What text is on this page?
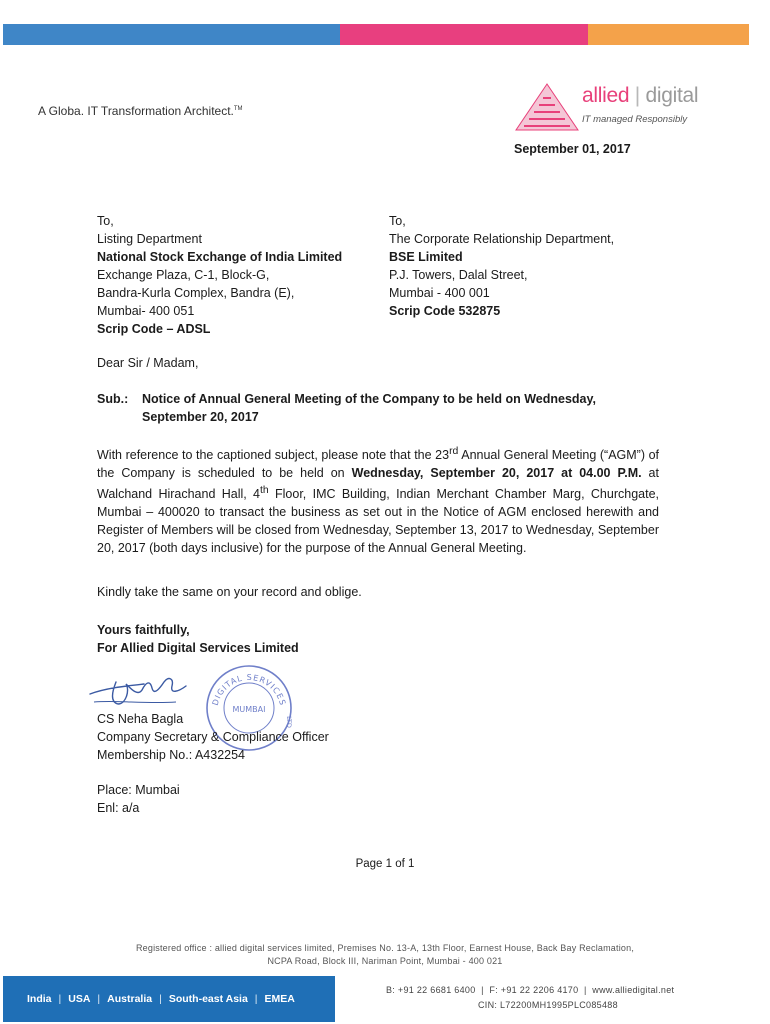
A Globa. IT Transformation Architect.™
allied | digital
IT managed Responsibly
September 01, 2017
To,
Listing Department
National Stock Exchange of India Limited
Exchange Plaza, C-1, Block-G,
Bandra-Kurla Complex, Bandra (E),
Mumbai- 400 051
Scrip Code – ADSL
To,
The Corporate Relationship Department,
BSE Limited
P.J. Towers, Dalal Street,
Mumbai - 400 001
Scrip Code 532875
Dear Sir / Madam,
Sub.: Notice of Annual General Meeting of the Company to be held on Wednesday, September 20, 2017
With reference to the captioned subject, please note that the 23rd Annual General Meeting (“AGM”) of the Company is scheduled to be held on Wednesday, September 20, 2017 at 04.00 P.M. at Walchand Hirachand Hall, 4th Floor, IMC Building, Indian Merchant Chamber Marg, Churchgate, Mumbai – 400020 to transact the business as set out in the Notice of AGM enclosed herewith and Register of Members will be closed from Wednesday, September 13, 2017 to Wednesday, September 20, 2017 (both days inclusive) for the purpose of the Annual General Meeting.
Kindly take the same on your record and oblige.
Yours faithfully,
For Allied Digital Services Limited
DIGITAL SERVICES
MUMBAI
LTD
CS Neha Bagla
Company Secretary & Compliance Officer
Membership No.: A432254
Place: Mumbai
Enl: a/a
Page 1 of 1
Registered office : allied digital services limited, Premises No. 13-A, 13th Floor, Earnest House, Back Bay Reclamation,
NCPA Road, Block III, Nariman Point, Mumbai - 400 021
India | USA | Australia | South-east Asia | EMEA
B: +91 22 6681 6400 | F: +91 22 2206 4170 | www.alliedigital.net
CIN: L72200MH1995PLC085488
